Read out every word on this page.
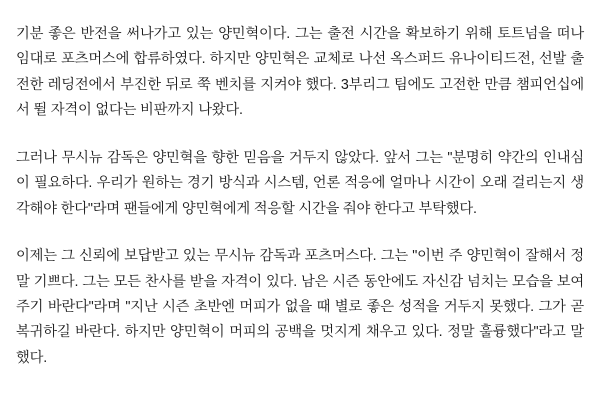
기분 좋은 반전을 써나가고 있는 양민혁이다. 그는 출전 시간을 확보하기 위해 토트넘을 떠나 임대로 포츠머스에 합류하였다. 하지만 양민혁은 교체로 나선 옥스퍼드 유나이티드전, 선발 출전한 레딩전에서 부진한 뒤로 쭉 벤치를 지켜야 했다. 3부리그 팀에도 고전한 만큼 챔피언십에서 뛸 자격이 없다는 비판까지 나왔다.

그러나 무시뉴 감독은 양민혁을 향한 믿음을 거두지 않았다. 앞서 그는 "분명히 약간의 인내심이 필요하다. 우리가 원하는 경기 방식과 시스템, 언론 적응에 얼마나 시간이 오래 걸리는지 생각해야 한다"라며 팬들에게 양민혁에게 적응할 시간을 줘야 한다고 부탁했다.

이제는 그 신뢰에 보답받고 있는 무시뉴 감독과 포츠머스다. 그는 "이번 주 양민혁이 잘해서 정말 기쁘다. 그는 모든 찬사를 받을 자격이 있다. 남은 시즌 동안에도 자신감 넘치는 모습을 보여주기 바란다"라며 "지난 시즌 초반엔 머피가 없을 때 별로 좋은 성적을 거두지 못했다. 그가 곧 복귀하길 바란다. 하지만 양민혁이 머피의 공백을 멋지게 채우고 있다. 정말 훌륭했다"라고 말했다.
